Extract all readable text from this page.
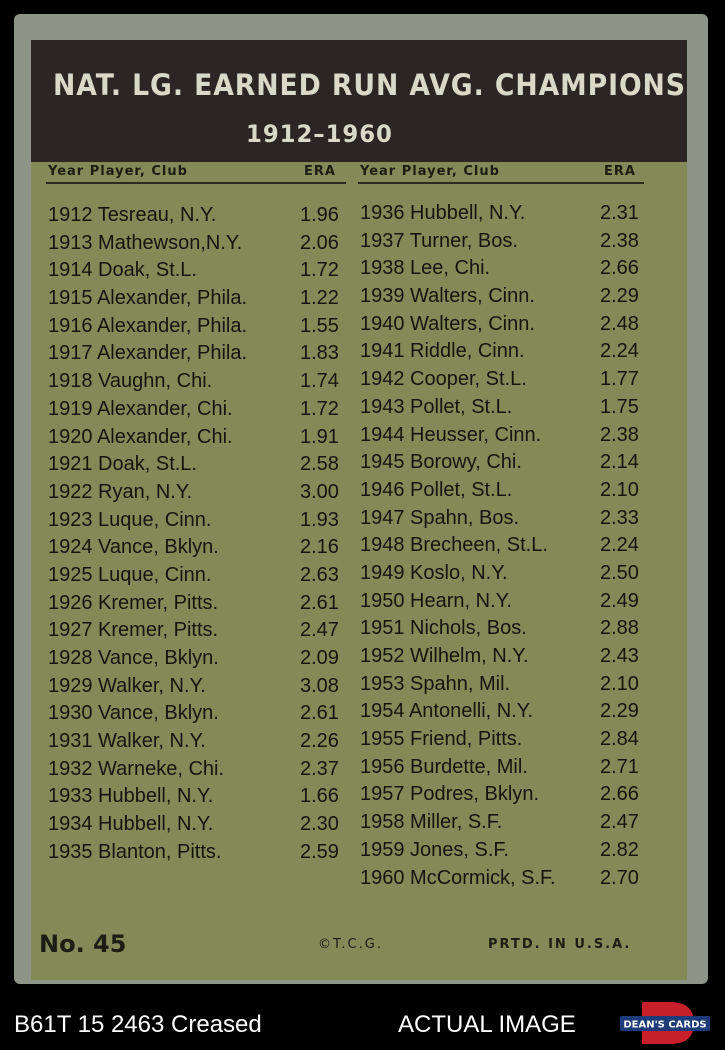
NAT. LG. EARNED RUN AVG. CHAMPIONS
1912–1960
Year Player, Club	ERA Year Player, Club	ERA
1912 Tesreau, N.Y.	1.96
1913 Mathewson,N.Y.	2.06
1914 Doak, St.L.	1.72
1915 Alexander, Phila.	1.22
1916 Alexander, Phila.	1.55
1917 Alexander, Phila.	1.83
1918 Vaughn, Chi.	1.74
1919 Alexander, Chi.	1.72
1920 Alexander, Chi.	1.91
1921 Doak, St.L.	2.58
1922 Ryan, N.Y.	3.00
1923 Luque, Cinn.	1.93
1924 Vance, Bklyn.	2.16
1925 Luque, Cinn.	2.63
1926 Kremer, Pitts.	2.61
1927 Kremer, Pitts.	2.47
1928 Vance, Bklyn.	2.09
1929 Walker, N.Y.	3.08
1930 Vance, Bklyn.	2.61
1931 Walker, N.Y.	2.26
1932 Warneke, Chi.	2.37
1933 Hubbell, N.Y.	1.66
1934 Hubbell, N.Y.	2.30
1935 Blanton, Pitts.	2.59
1936 Hubbell, N.Y.	2.31
1937 Turner, Bos.	2.38
1938 Lee, Chi.	2.66
1939 Walters, Cinn.	2.29
1940 Walters, Cinn.	2.48
1941 Riddle, Cinn.	2.24
1942 Cooper, St.L.	1.77
1943 Pollet, St.L.	1.75
1944 Heusser, Cinn.	2.38
1945 Borowy, Chi.	2.14
1946 Pollet, St.L.	2.10
1947 Spahn, Bos.	2.33
1948 Brecheen, St.L.	2.24
1949 Koslo, N.Y.	2.50
1950 Hearn, N.Y.	2.49
1951 Nichols, Bos.	2.88
1952 Wilhelm, N.Y.	2.43
1953 Spahn, Mil.	2.10
1954 Antonelli, N.Y.	2.29
1955 Friend, Pitts.	2.84
1956 Burdette, Mil.	2.71
1957 Podres, Bklyn.	2.66
1958 Miller, S.F.	2.47
1959 Jones, S.F.	2.82
1960 McCormick, S.F. 2.70
No. 45	©T.C.G.	PRTD. IN U.S.A.
B61T 15 2463 Creased	ACTUAL IMAGE	DEAN'S CARDS
